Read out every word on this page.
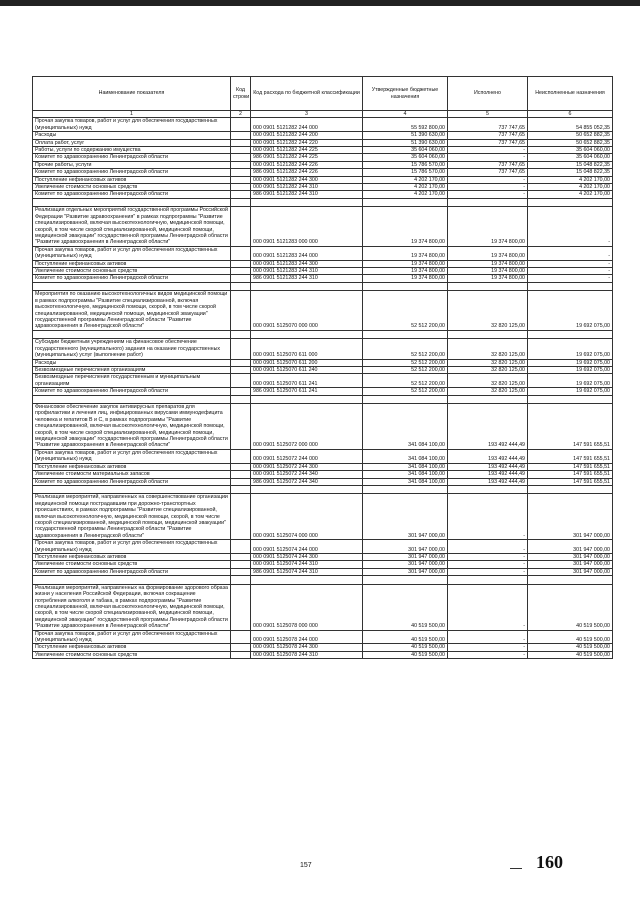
Наименование показателя	Код строки	Код расхода по бюджетной классификации	Утвержденные бюджетные назначения	Исполнено	Неисполненные назначения
1	2	3	4	5	6
Прочая закупка товаров, работ и услуг для обеспечения государственных (муниципальных) нужд		000 0901 5121282 244 000	55 592 800,00	737 747,65	54 855 052,35
Расходы		000 0901 5121282 244 200	51 390 630,00	737 747,65	50 652 882,35
Оплата работ, услуг		000 0901 5121282 244 220	51 390 630,00	737 747,65	50 652 882,35
Работы, услуги по содержанию имущества		000 0901 5121282 244 225	35 604 060,00	-	35 604 060,00
Комитет по здравоохранению Ленинградской области		986 0901 5121282 244 225	35 604 060,00	-	35 604 060,00
Прочие работы, услуги		000 0901 5121282 244 226	15 786 570,00	737 747,65	15 048 822,35
Комитет по здравоохранению Ленинградской области		986 0901 5121282 244 226	15 786 570,00	737 747,65	15 048 822,35
Поступление нефинансовых активов		000 0901 5121282 244 300	4 202 170,00	-	4 202 170,00
Увеличение стоимости основных средств		000 0901 5121282 244 310	4 202 170,00	-	4 202 170,00
Комитет по здравоохранению Ленинградской области		986 0901 5121282 244 310	4 202 170,00	-	4 202 170,00

Реализация отдельных мероприятий государственной программы Российской Федерации "Развитие здравоохранения" в рамках подпрограммы "Развитие специализированной, включая высокотехнологичную, медицинской помощи, скорой, в том числе скорой специализированной, медицинской помощи, медицинской эвакуации" государственной программы Ленинградской области "Развитие здравоохранения в Ленинградской области"		000 0901 5121283 000 000	19 374 800,00	19 374 800,00	-
Прочая закупка товаров, работ и услуг для обеспечения государственных (муниципальных) нужд		000 0901 5121283 244 000	19 374 800,00	19 374 800,00	-
Поступление нефинансовых активов		000 0901 5121283 244 300	19 374 800,00	19 374 800,00	-
Увеличение стоимости основных средств		000 0901 5121283 244 310	19 374 800,00	19 374 800,00	-
Комитет по здравоохранению Ленинградской области		986 0901 5121283 244 310	19 374 800,00	19 374 800,00	-

Мероприятия по оказанию высокотехнологичных видов медицинской помощи в рамках подпрограммы "Развитие специализированной, включая высокотехнологичную, медицинской помощи, скорой, в том числе скорой специализированной, медицинской помощи, медицинской эвакуации" государственной программы Ленинградской области "Развитие здравоохранения в Ленинградской области"		000 0901 5125070 000 000	52 512 200,00	32 820 125,00	19 692 075,00

Субсидии бюджетным учреждениям на финансовое обеспечение государственного (муниципального) задания на оказание государственных (муниципальных) услуг (выполнение работ)		000 0901 5125070 611 000	52 512 200,00	32 820 125,00	19 692 075,00
Расходы		000 0901 5125070 611 200	52 512 200,00	32 820 125,00	19 692 075,00
Безвозмездные перечисления организациям		000 0901 5125070 611 240	52 512 200,00	32 820 125,00	19 692 075,00
Безвозмездные перечисления государственным и муниципальным организациям		000 0901 5125070 611 241	52 512 200,00	32 820 125,00	19 692 075,00
Комитет по здравоохранению Ленинградской области		986 0901 5125070 611 241	52 512 200,00	32 820 125,00	19 692 075,00

Финансовое обеспечение закупок антивирусных препаратов для профилактики и лечения лиц, инфицированных вирусами иммунодефицита человека и гепатитов В и С, в рамках подпрограммы "Развитие специализированной, включая высокотехнологичную, медицинской помощи, скорой, в том числе скорой специализированной, медицинской помощи, медицинской эвакуации" государственной программы Ленинградской области "Развитие здравоохранения в Ленинградской области"		000 0901 5125072 000 000	341 084 100,00	193 492 444,49	147 591 655,51
Прочая закупка товаров, работ и услуг для обеспечения государственных (муниципальных) нужд		000 0901 5125072 244 000	341 084 100,00	193 492 444,49	147 591 655,51
Поступление нефинансовых активов		000 0901 5125072 244 300	341 084 100,00	193 492 444,49	147 591 655,51
Увеличение стоимости материальных запасов		000 0901 5125072 244 340	341 084 100,00	193 492 444,49	147 591 655,51
Комитет по здравоохранению Ленинградской области		986 0901 5125072 244 340	341 084 100,00	193 492 444,49	147 591 655,51

Реализация мероприятий, направленных на совершенствование организации медицинской помощи пострадавшим при дорожно-транспортных происшествиях, в рамках подпрограммы "Развитие специализированной, включая высокотехнологичную, медицинской помощи, скорой, в том числе скорой специализированной, медицинской помощи, медицинской эвакуации" государственной программы Ленинградской области "Развитие здравоохранения в Ленинградской области"		000 0901 5125074 000 000	301 947 000,00	-	301 947 000,00
Прочая закупка товаров, работ и услуг для обеспечения государственных (муниципальных) нужд		000 0901 5125074 244 000	301 947 000,00	-	301 947 000,00
Поступление нефинансовых активов		000 0901 5125074 244 300	301 947 000,00	-	301 947 000,00
Увеличение стоимости основных средств		000 0901 5125074 244 310	301 947 000,00	-	301 947 000,00
Комитет по здравоохранению Ленинградской области		986 0901 5125074 244 310	301 947 000,00	-	301 947 000,00

Реализация мероприятий, направленных на формирование здорового образа жизни у населения Российской Федерации, включая сокращение потребления алкоголя и табака, в рамках подпрограммы "Развитие специализированной, включая высокотехнологичную, медицинской помощи, скорой, в том числе скорой специализированной, медицинской помощи, медицинской эвакуации" государственной программы Ленинградской области "Развитие здравоохранения в Ленинградской области"		000 0901 5125078 000 000	40 519 500,00	-	40 519 500,00
Прочая закупка товаров, работ и услуг для обеспечения государственных (муниципальных) нужд		000 0901 5125078 244 000	40 519 500,00	-	40 519 500,00
Поступление нефинансовых активов		000 0901 5125078 244 300	40 519 500,00	-	40 519 500,00
Увеличение стоимости основных средств		000 0901 5125078 244 310	40 519 500,00	-	40 519 500,00
157	160
